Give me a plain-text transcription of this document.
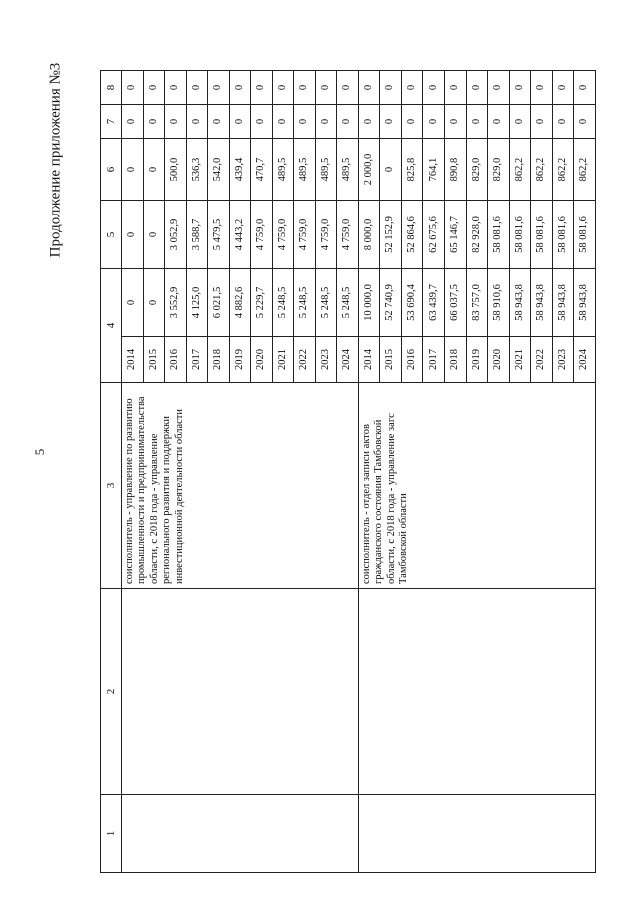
5
Продолжение приложения №3
1	2	3	4		5	6	7	8
		соисполнитель - управление по развитию промышленности и предпринимательства области, с 2018 года - управление регионального развития и поддержки инвестиционной деятельности области	2014	0	0	0	0	0
			2015	0	0	0	0	0
			2016	3 552,9	3 052,9	500,0	0	0
			2017	4 125,0	3 588,7	536,3	0	0
			2018	6 021,5	5 479,5	542,0	0	0
			2019	4 882,6	4 443,2	439,4	0	0
			2020	5 229,7	4 759,0	470,7	0	0
			2021	5 248,5	4 759,0	489,5	0	0
			2022	5 248,5	4 759,0	489,5	0	0
			2023	5 248,5	4 759,0	489,5	0	0
			2024	5 248,5	4 759,0	489,5	0	0
		соисполнитель - отдел записи актов гражданского состояния Тамбовской области, с 2018 года - управление загс Тамбовской области	2014	10 000,0	8 000,0	2 000,0	0	0
			2015	52 740,9	52 152,9	0	0	0
			2016	53 690,4	52 864,6	825,8	0	0
			2017	63 439,7	62 675,6	764,1	0	0
			2018	66 037,5	65 146,7	890,8	0	0
			2019	83 757,0	82 928,0	829,0	0	0
			2020	58 910,6	58 081,6	829,0	0	0
			2021	58 943,8	58 081,6	862,2	0	0
			2022	58 943,8	58 081,6	862,2	0	0
			2023	58 943,8	58 081,6	862,2	0	0
			2024	58 943,8	58 081,6	862,2	0	0
